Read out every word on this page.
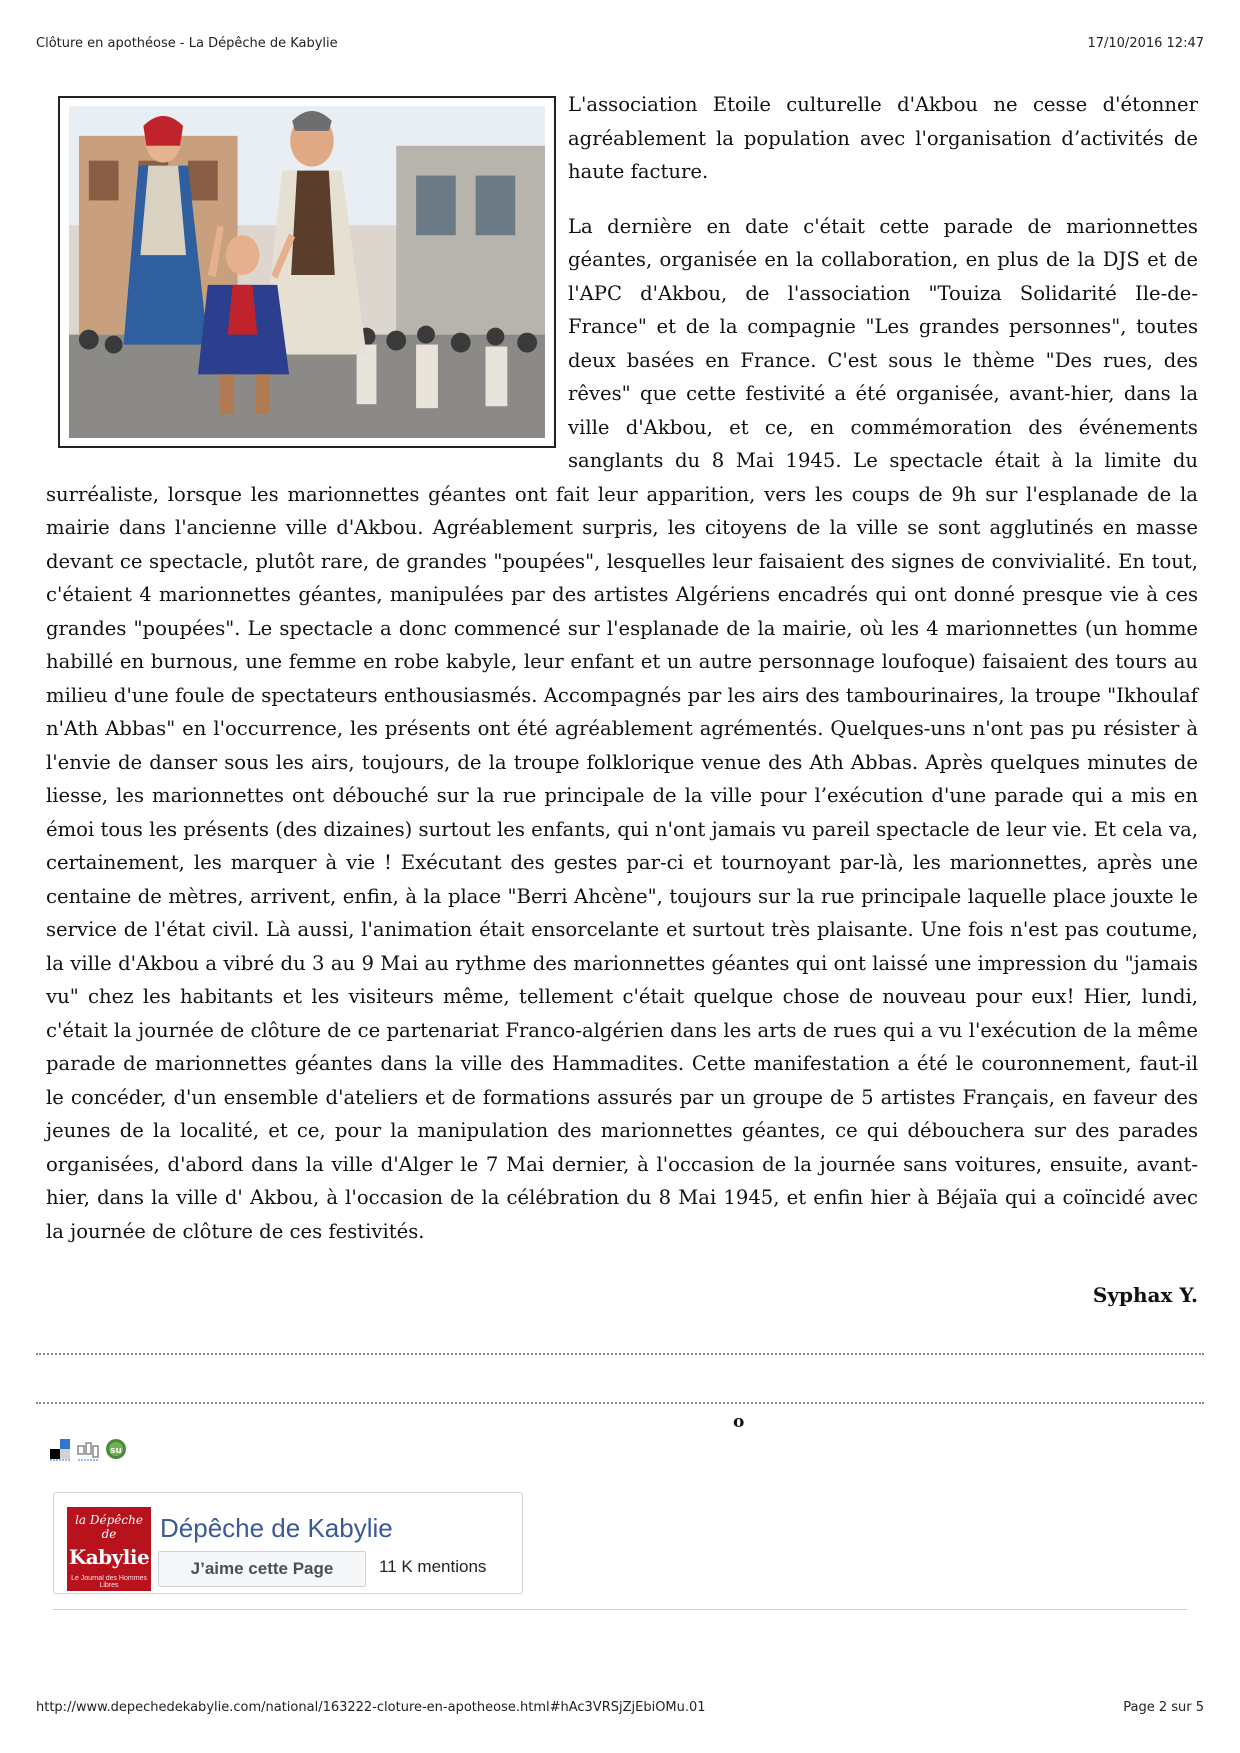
Clôture en apothéose - La Dépêche de Kabylie	17/10/2016 12:47

L'association Etoile culturelle d'Akbou ne cesse d'étonner agréablement la population avec l'organisation d’activités de haute facture.

La dernière en date c'était cette parade de marionnettes géantes, organisée en la collaboration, en plus de la DJS et de l'APC d'Akbou, de l'association "Touiza Solidarité Ile-de-France" et de la compagnie "Les grandes personnes", toutes deux basées en France. C'est sous le thème "Des rues, des rêves" que cette festivité a été organisée, avant-hier, dans la ville d'Akbou, et ce, en commémoration des événements sanglants du 8 Mai 1945. Le spectacle était à la limite du surréaliste, lorsque les marionnettes géantes ont fait leur apparition, vers les coups de 9h sur l'esplanade de la mairie dans l'ancienne ville d'Akbou. Agréablement surpris, les citoyens de la ville se sont agglutinés en masse devant ce spectacle, plutôt rare, de grandes "poupées", lesquelles leur faisaient des signes de convivialité. En tout, c'étaient 4 marionnettes géantes, manipulées par des artistes Algériens encadrés qui ont donné presque vie à ces grandes "poupées". Le spectacle a donc commencé sur l'esplanade de la mairie, où les 4 marionnettes (un homme habillé en burnous, une femme en robe kabyle, leur enfant et un autre personnage loufoque) faisaient des tours au milieu d'une foule de spectateurs enthousiasmés. Accompagnés par les airs des tambourinaires, la troupe "Ikhoulaf n'Ath Abbas" en l'occurrence, les présents ont été agréablement agrémentés. Quelques-uns n'ont pas pu résister à l'envie de danser sous les airs, toujours, de la troupe folklorique venue des Ath Abbas. Après quelques minutes de liesse, les marionnettes ont débouché sur la rue principale de la ville pour l’exécution d'une parade qui a mis en émoi tous les présents (des dizaines) surtout les enfants, qui n'ont jamais vu pareil spectacle de leur vie. Et cela va, certainement, les marquer à vie ! Exécutant des gestes par-ci et tournoyant par-là, les marionnettes, après une centaine de mètres, arrivent, enfin, à la place "Berri Ahcène", toujours sur la rue principale laquelle place jouxte le service de l'état civil. Là aussi, l'animation était ensorcelante et surtout très plaisante. Une fois n'est pas coutume, la ville d'Akbou a vibré du 3 au 9 Mai au rythme des marionnettes géantes qui ont laissé une impression du "jamais vu" chez les habitants et les visiteurs même, tellement c'était quelque chose de nouveau pour eux! Hier, lundi, c'était la journée de clôture de ce partenariat Franco-algérien dans les arts de rues qui a vu l'exécution de la même parade de marionnettes géantes dans la ville des Hammadites. Cette manifestation a été le couronnement, faut-il le concéder, d'un ensemble d'ateliers et de formations assurés par un groupe de 5 artistes Français, en faveur des jeunes de la localité, et ce, pour la manipulation des marionnettes géantes, ce qui débouchera sur des parades organisées, d'abord dans la ville d'Alger le 7 Mai dernier, à l'occasion de la journée sans voitures, ensuite, avant-hier, dans la ville d' Akbou, à l'occasion de la célébration du 8 Mai 1945, et enfin hier à Béjaïa qui a coïncidé avec la journée de clôture de ces festivités.

Syphax Y.
o
su
la Dépêche de
Kabylie
Le Journal des Hommes Libres
Dépêche de Kabylie
J’aime cette Page	11 K mentions
http://www.depechedekabylie.com/national/163222-cloture-en-apotheose.html#hAc3VRSjZjEbiOMu.01	Page 2 sur 5
